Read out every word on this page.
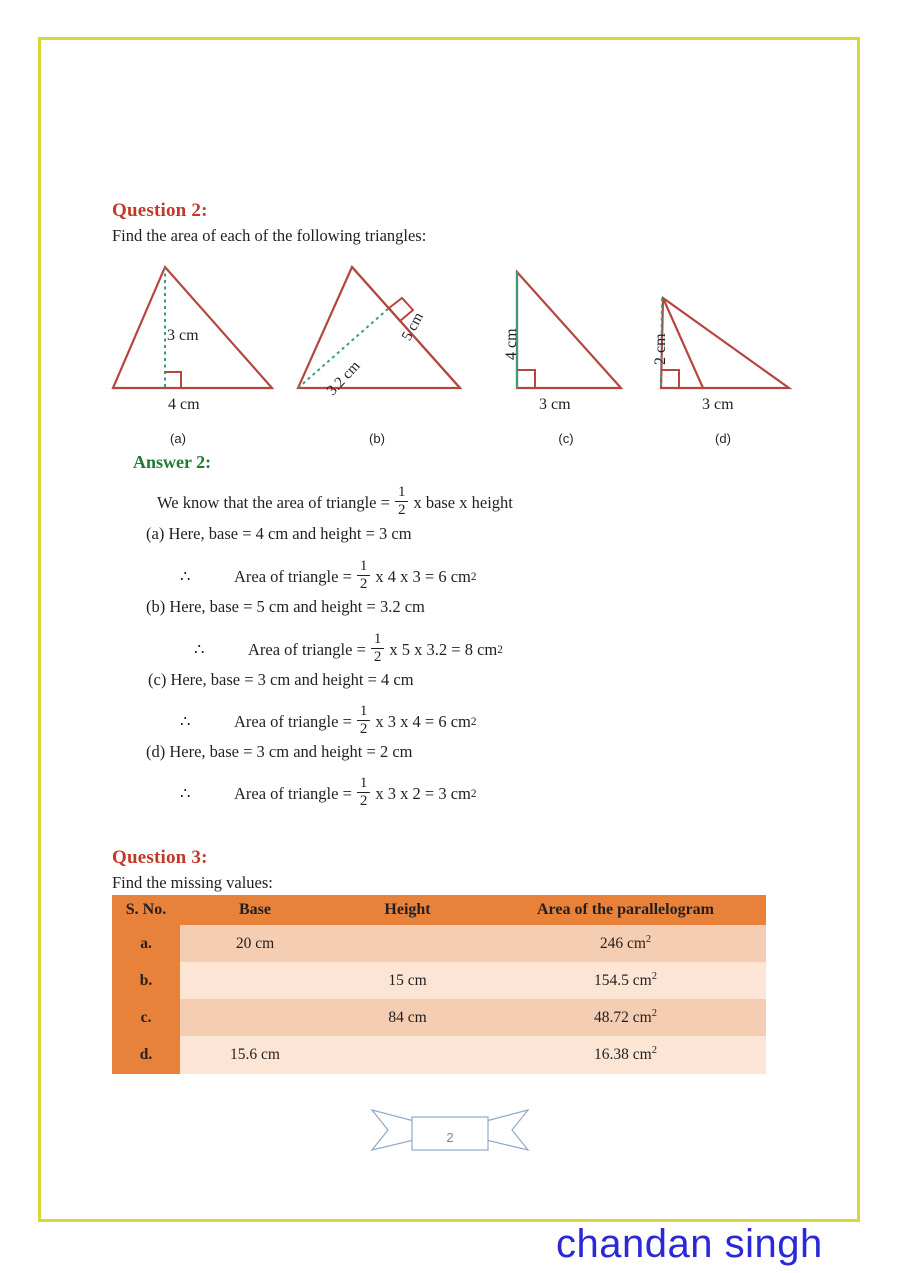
Question 2:
Find the area of each of the following triangles:
3 cm
4 cm
(a)
3.2 cm
5 cm
(b)
4 cm
3 cm
(c)
2 cm
3 cm
(d)
Answer 2:
We know that the area of triangle = $\frac{1}{2}$ x base x height
(a) Here, base = 4 cm and height = 3 cm
∴	Area of triangle = $\frac{1}{2}$ x 4 x 3 = 6 cm 2
(b) Here, base = 5 cm and height = 3.2 cm
∴	Area of triangle = $\frac{1}{2}$ x 5 x 3.2 = 8 cm 2
(c) Here, base = 3 cm and height = 4 cm
∴	Area of triangle = $\frac{1}{2}$ x 3 x 4 = 6 cm 2
(d) Here, base = 3 cm and height = 2 cm
∴	Area of triangle = $\frac{1}{2}$ x 3 x 2 = 3 cm 2
Question 3:
Find the missing values:
S. No.	Base	Height	Area of the parallelogram
a.	20 cm		246 $cm^2$
b.		15 cm	154.5 $cm^2$
c.		84 cm	48.72 $cm^2$
d.	15.6 cm		16.38 $cm^2$
2
chandan singh
